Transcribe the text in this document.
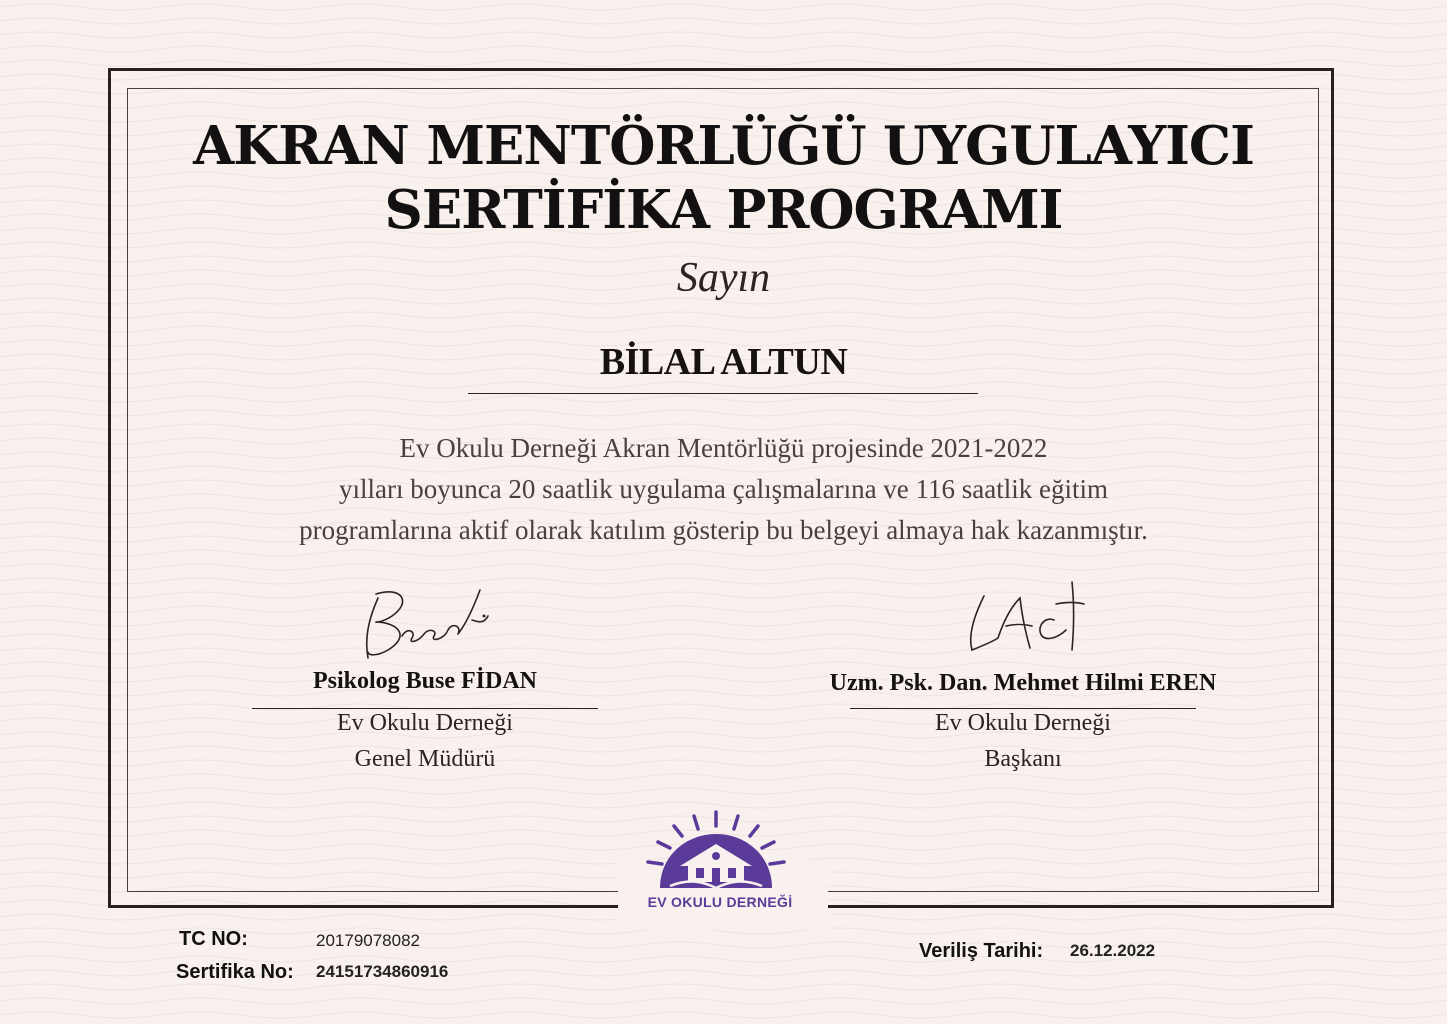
AKRAN MENTÖRLÜĞÜ UYGULAYICI
SERTİFİKA PROGRAMI
Sayın
BİLAL ALTUN
Ev Okulu Derneği Akran Mentörlüğü projesinde 2021-2022
yılları boyunca 20 saatlik uygulama çalışmalarına ve 116 saatlik eğitim
programlarına aktif olarak katılım gösterip bu belgeyi almaya hak kazanmıştır.
Psikolog Buse FİDAN
Ev Okulu Derneği
Genel Müdürü
Uzm. Psk. Dan. Mehmet Hilmi EREN
Ev Okulu Derneği
Başkanı
EV OKULU DERNEĞİ
TC NO:	20179078082
Sertifika No: 24151734860916
Veriliş Tarihi: 26.12.2022
